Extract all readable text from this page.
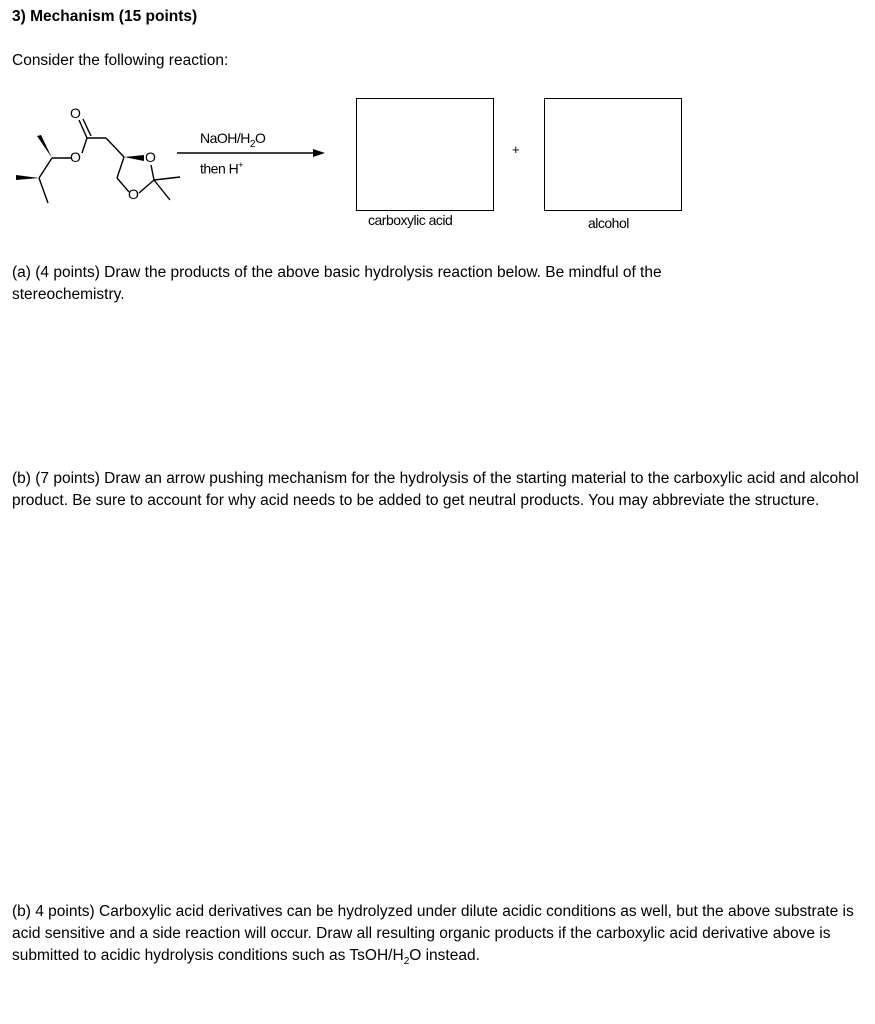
3) Mechanism (15 points)
Consider the following reaction:
O
O	O
O
NaOH/$H_2O$
then H+
+
carboxylic acid	alcohol
(a) (4 points) Draw the products of the above basic hydrolysis reaction below. Be mindful of the stereochemistry.
(b) (7 points) Draw an arrow pushing mechanism for the hydrolysis of the starting material to the carboxylic acid and alcohol product. Be sure to account for why acid needs to be added to get neutral products. You may abbreviate the structure.
(b) 4 points) Carboxylic acid derivatives can be hydrolyzed under dilute acidic conditions as well, but the above substrate is acid sensitive and a side reaction will occur. Draw all resulting organic products if the carboxylic acid derivative above is submitted to acidic hydrolysis conditions such as TsOH/$H_2O$ instead.
